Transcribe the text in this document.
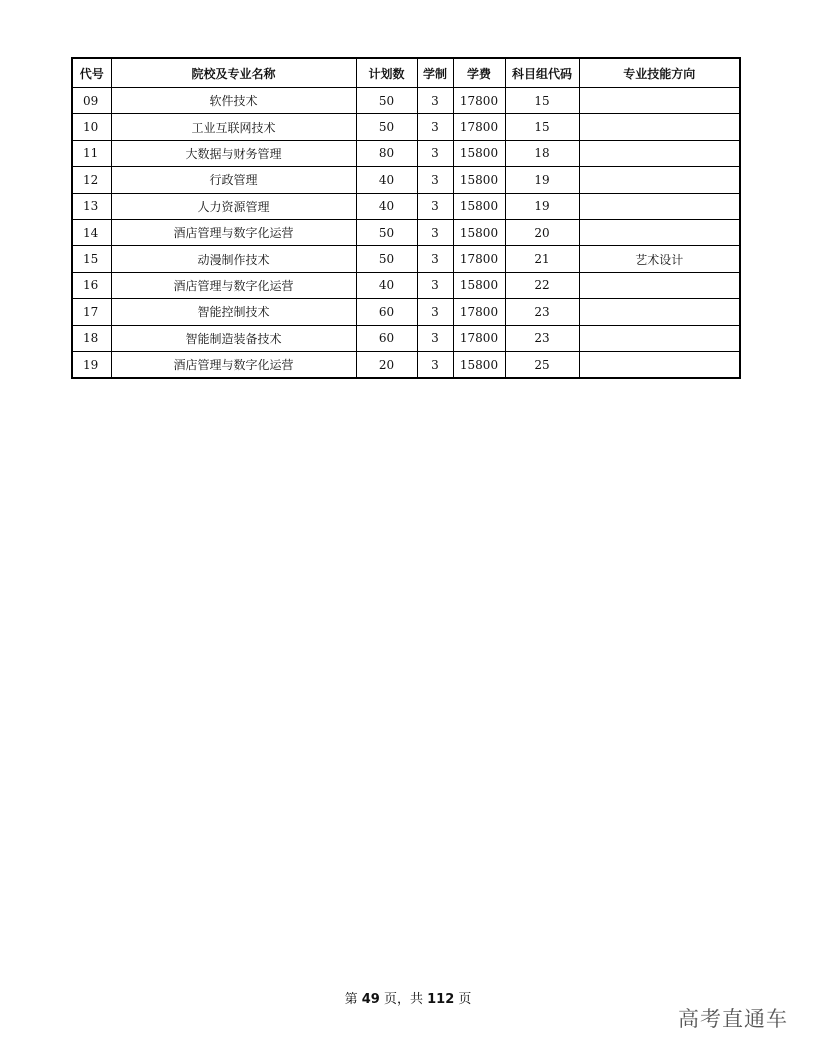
代号	院校及专业名称	计划数	学制	学费	科目组代码	专业技能方向
09	软件技术	50	3	17800	15	
10	工业互联网技术	50	3	17800	15	
11	大数据与财务管理	80	3	15800	18	
12	行政管理	40	3	15800	19	
13	人力资源管理	40	3	15800	19	
14	酒店管理与数字化运营	50	3	15800	20	
15	动漫制作技术	50	3	17800	21	艺术设计
16	酒店管理与数字化运营	40	3	15800	22	
17	智能控制技术	60	3	17800	23	
18	智能制造装备技术	60	3	17800	23	
19	酒店管理与数字化运营	20	3	15800	25	
第 49 页，共 112 页
高考直通车
